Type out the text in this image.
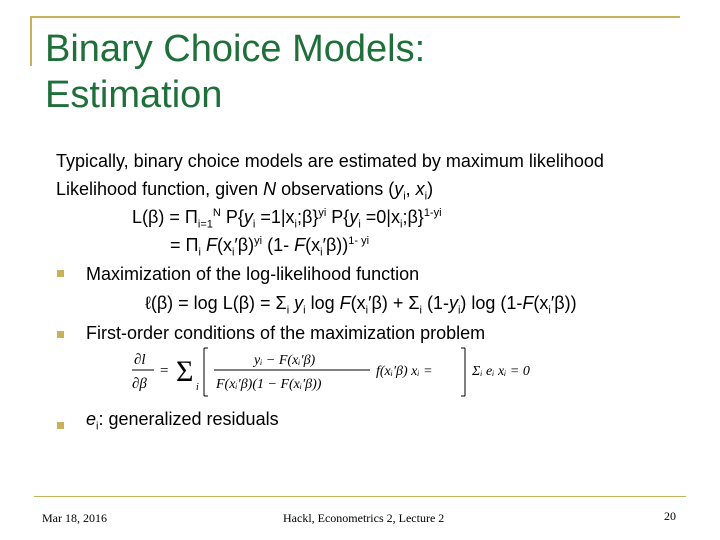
Binary Choice Models:
Estimation
Typically, binary choice models are estimated by maximum likelihood
Likelihood function, given N observations ($y_i$, $x_i$)
$L(\beta) = \Pi_{i=1}^N$ $P\{y_i$ $=1|x_i;\beta\}^{yi}$ $P\{y_i$ $=0|x_i;\beta\}^{1-yi}$
= $\Pi_i$ $F(x_i'\beta)^{yi}$ (1- $F(x_i'\beta))^{1- yi}$
Maximization of the log-likelihood function
ℓ(β) = $\log L(\beta) = \Sigma_i$ $y_i$ $\log F(x_i'\beta) + \Sigma_i$ $(1-y_i)$ $\log (1-F(x_i'\beta))$
First-order conditions of the maximization problem
∂l
∂β
= Σ i
yᵢ − F(xᵢ′β)
F(xᵢ′β)(1 − F(xᵢ′β))
f(xᵢ′β) xᵢ =	Σᵢ eᵢ xᵢ = 0
$e_i$: generalized residuals
Mar 18, 2016	Hackl, Econometrics 2, Lecture 2	20
